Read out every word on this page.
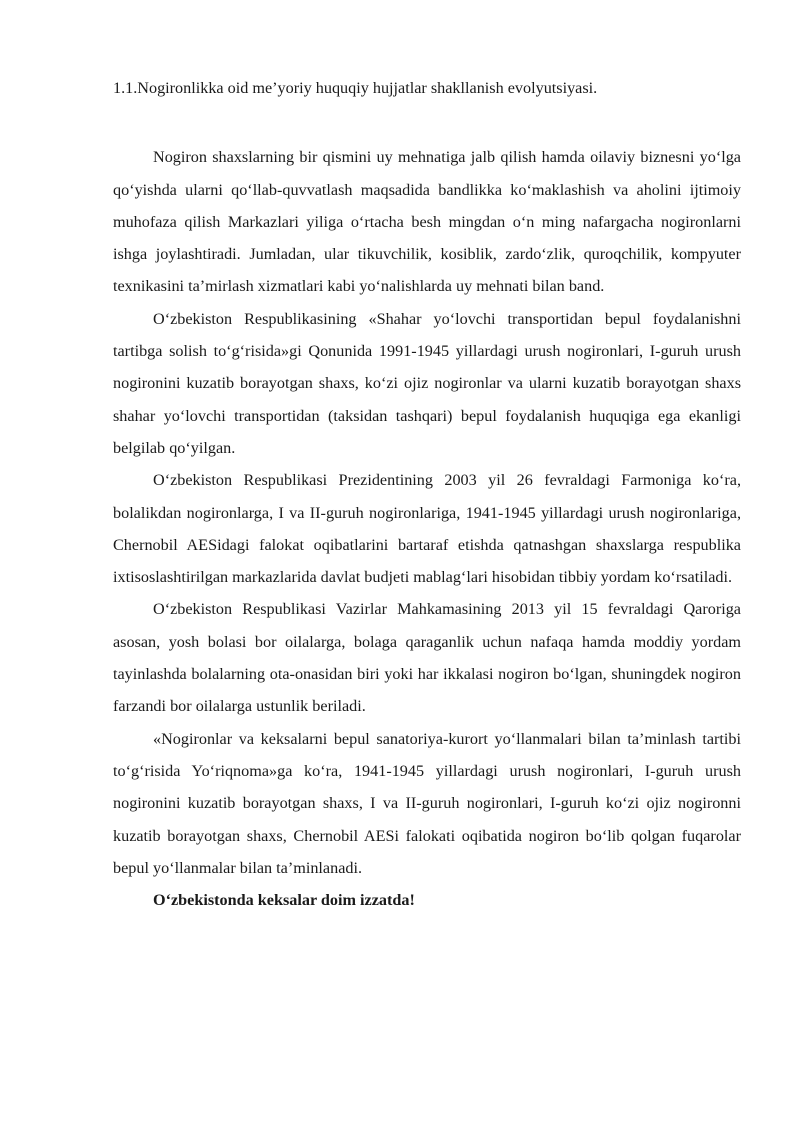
1.1.Nogironlikka oid me’yoriy huquqiy hujjatlar shakllanish evolyutsiyasi.

Nogiron shaxslarning bir qismini uy mehnatiga jalb qilish hamda oilaviy biznesni yo‘lga qo‘yishda ularni qo‘llab-quvvatlash maqsadida bandlikka ko‘maklashish va aholini ijtimoiy muhofaza qilish Markazlari yiliga o‘rtacha besh mingdan o‘n ming nafargacha nogironlarni ishga joylashtiradi. Jumladan, ular tikuvchilik, kosiblik, zardo‘zlik, quroqchilik, kompyuter texnikasini ta’mirlash xizmatlari kabi yo‘nalishlarda uy mehnati bilan band.

O‘zbekiston Respublikasining «Shahar yo‘lovchi transportidan bepul foydalanishni tartibga solish to‘g‘risida»gi Qonunida 1991-1945 yillardagi urush nogironlari, I-guruh urush nogironini kuzatib borayotgan shaxs, ko‘zi ojiz nogironlar va ularni kuzatib borayotgan shaxs shahar yo‘lovchi transportidan (taksidan tashqari) bepul foydalanish huquqiga ega ekanligi belgilab qo‘yilgan.

O‘zbekiston Respublikasi Prezidentining 2003 yil 26 fevraldagi Farmoniga ko‘ra, bolalikdan nogironlarga, I va II-guruh nogironlariga, 1941-1945 yillardagi urush nogironlariga, Chernobil AESidagi falokat oqibatlarini bartaraf etishda qatnashgan shaxslarga respublika ixtisoslashtirilgan markazlarida davlat budjeti mablag‘lari hisobidan tibbiy yordam ko‘rsatiladi.

O‘zbekiston Respublikasi Vazirlar Mahkamasining 2013 yil 15 fevraldagi Qaroriga asosan, yosh bolasi bor oilalarga, bolaga qaraganlik uchun nafaqa hamda moddiy yordam tayinlashda bolalarning ota-onasidan biri yoki har ikkalasi nogiron bo‘lgan, shuningdek nogiron farzandi bor oilalarga ustunlik beriladi.

«Nogironlar va keksalarni bepul sanatoriya-kurort yo‘llanmalari bilan ta’minlash tartibi to‘g‘risida Yo‘riqnoma»ga ko‘ra, 1941-1945 yillardagi urush nogironlari, I-guruh urush nogironini kuzatib borayotgan shaxs, I va II-guruh nogironlari, I-guruh ko‘zi ojiz nogironni kuzatib borayotgan shaxs, Chernobil AESi falokati oqibatida nogiron bo‘lib qolgan fuqarolar bepul yo‘llanmalar bilan ta’minlanadi.

O‘zbekistonda keksalar doim izzatda!
